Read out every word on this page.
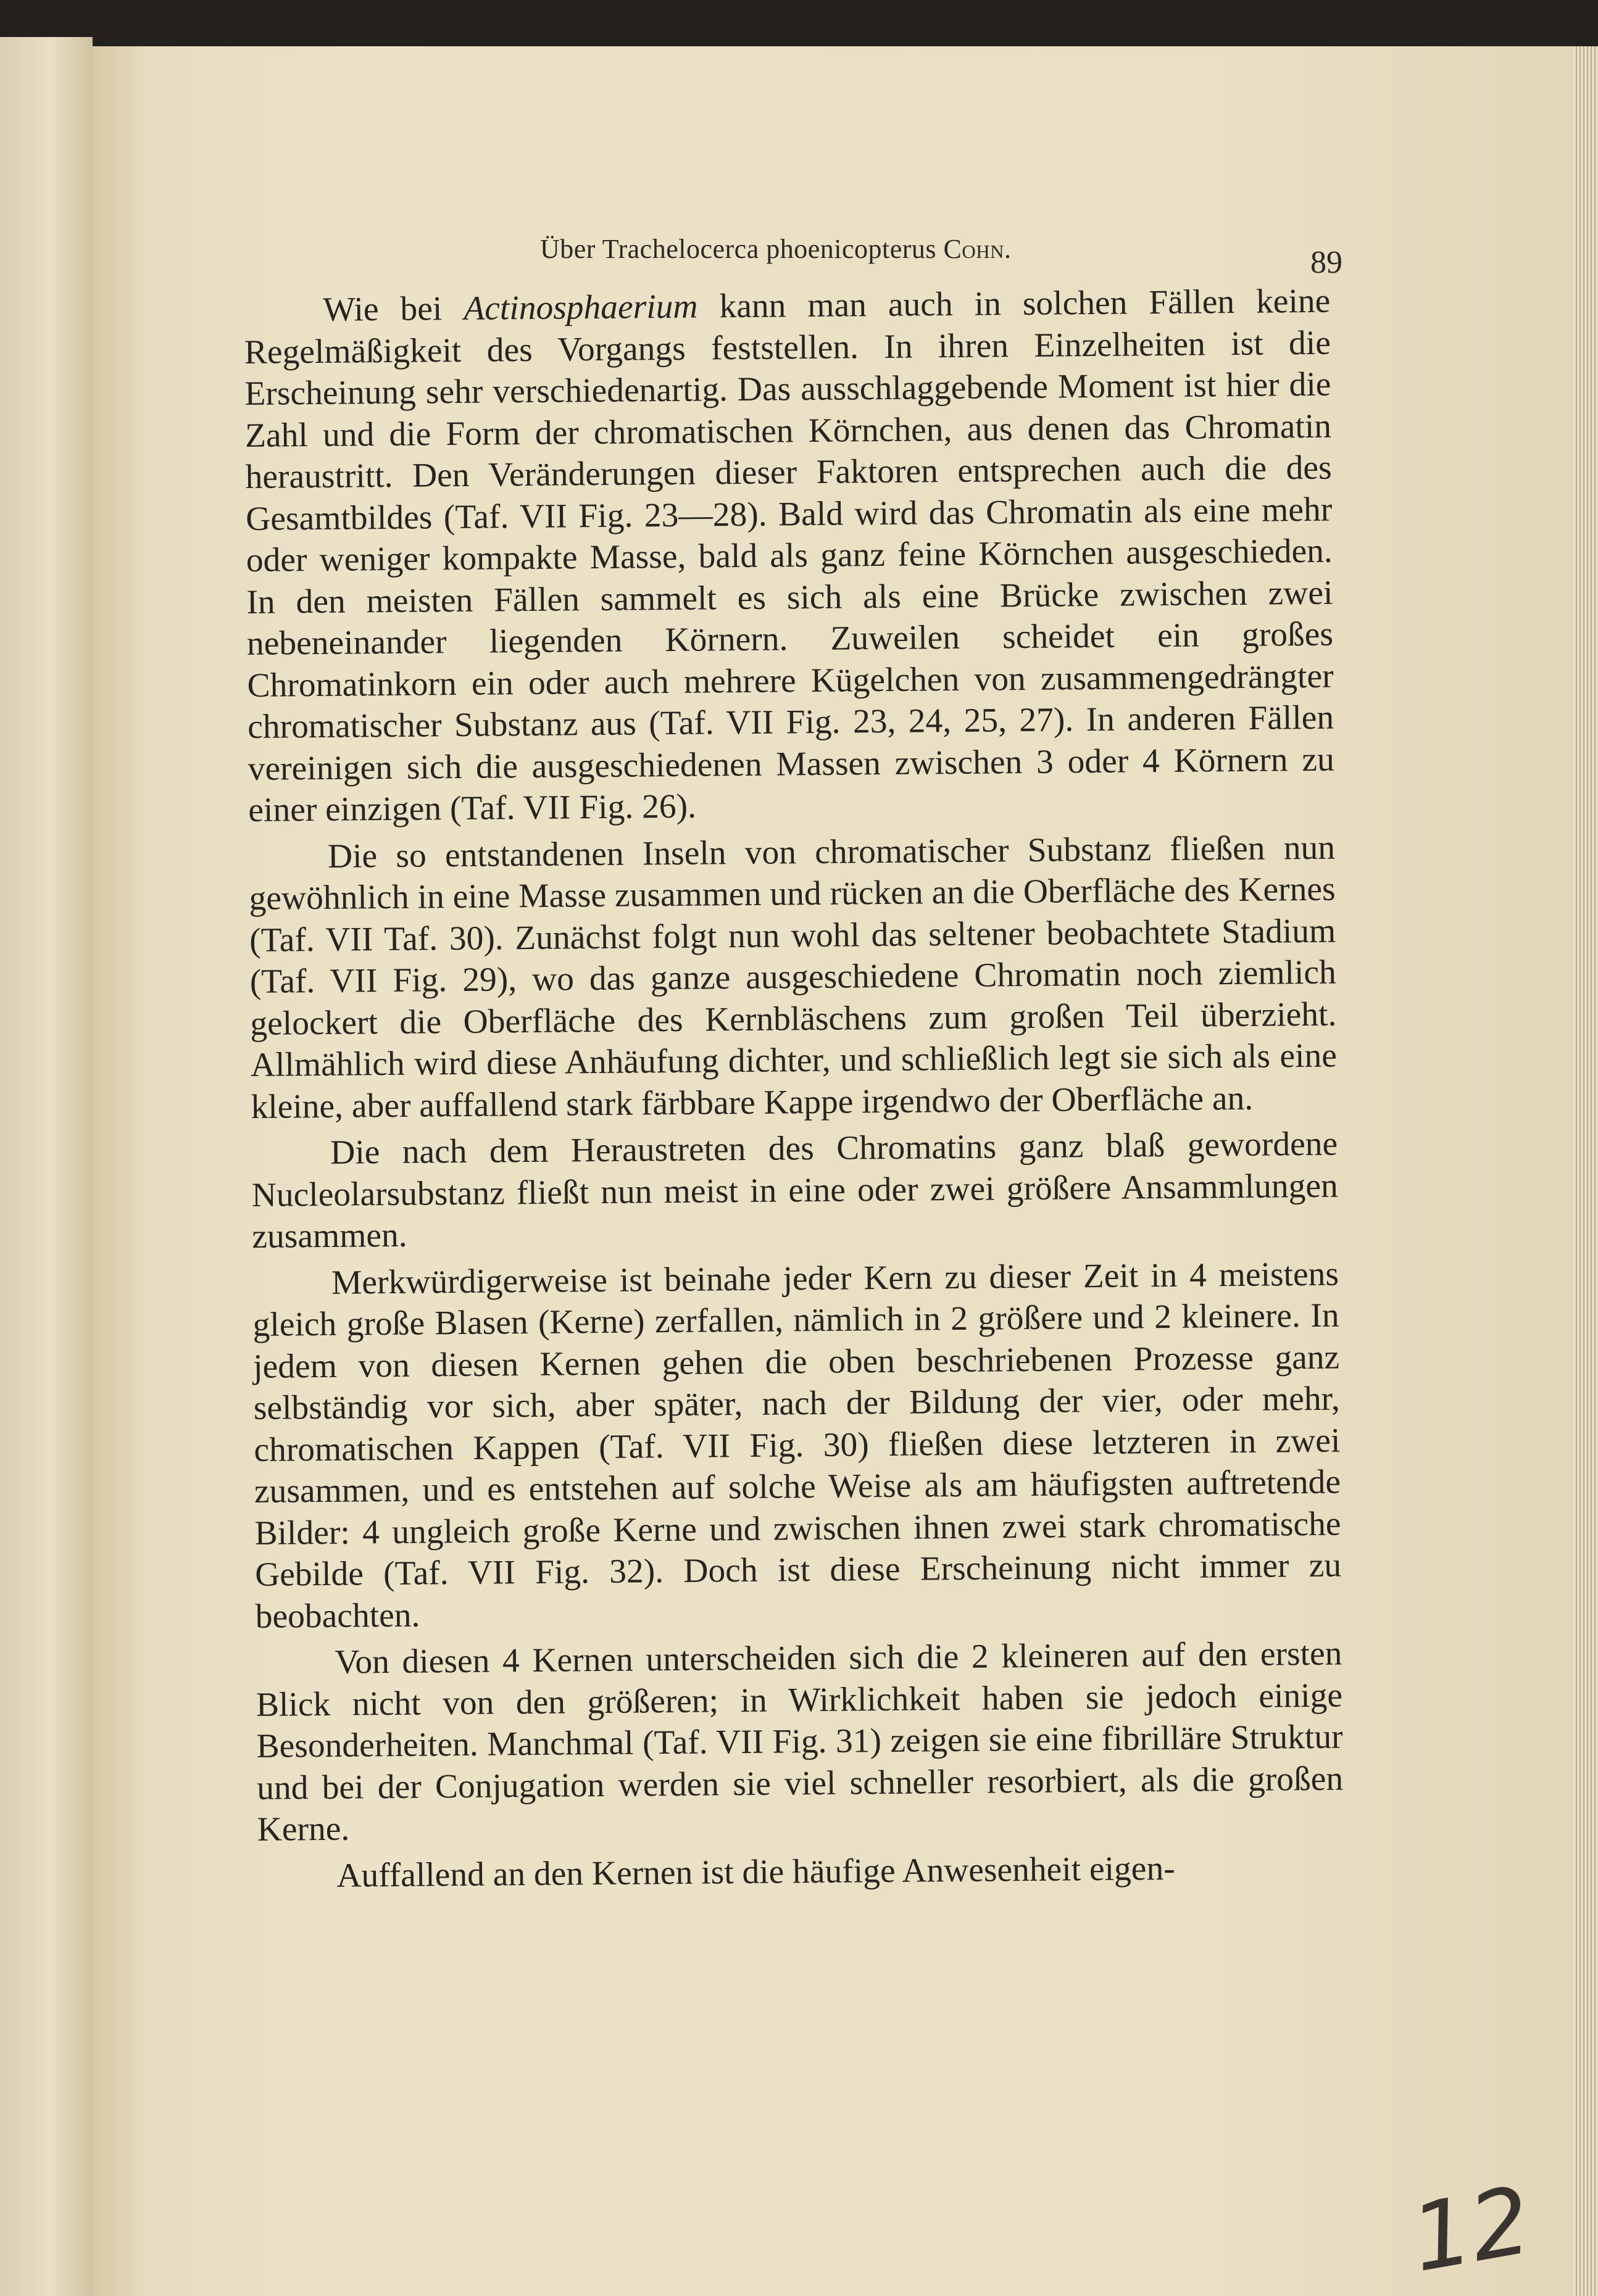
Über Trachelocerca phoenicopterus Cohn.	89

Wie bei Actinosphaerium kann man auch in solchen Fällen keine Regelmäßigkeit des Vorgangs feststellen. In ihren Einzelheiten ist die Erscheinung sehr verschiedenartig. Das ausschlaggebende Moment ist hier die Zahl und die Form der chromatischen Körnchen, aus denen das Chromatin heraustritt. Den Veränderungen dieser Faktoren entsprechen auch die des Gesamtbildes (Taf. VII Fig. 23—28). Bald wird das Chromatin als eine mehr oder weniger kompakte Masse, bald als ganz feine Körnchen ausgeschieden. In den meisten Fällen sammelt es sich als eine Brücke zwischen zwei nebeneinander liegenden Körnern. Zuweilen scheidet ein großes Chromatinkorn ein oder auch mehrere Kügelchen von zusammengedrängter chromatischer Substanz aus (Taf. VII Fig. 23, 24, 25, 27). In anderen Fällen vereinigen sich die ausgeschiedenen Massen zwischen 3 oder 4 Körnern zu einer einzigen (Taf. VII Fig. 26).

Die so entstandenen Inseln von chromatischer Substanz fließen nun gewöhnlich in eine Masse zusammen und rücken an die Oberfläche des Kernes (Taf. VII Taf. 30). Zunächst folgt nun wohl das seltener beobachtete Stadium (Taf. VII Fig. 29), wo das ganze ausgeschiedene Chromatin noch ziemlich gelockert die Oberfläche des Kernbläschens zum großen Teil überzieht. Allmählich wird diese Anhäufung dichter, und schließlich legt sie sich als eine kleine, aber auffallend stark färbbare Kappe irgendwo der Oberfläche an.

Die nach dem Heraustreten des Chromatins ganz blaß gewordene Nucleolarsubstanz fließt nun meist in eine oder zwei größere Ansammlungen zusammen.

Merkwürdigerweise ist beinahe jeder Kern zu dieser Zeit in 4 meistens gleich große Blasen (Kerne) zerfallen, nämlich in 2 größere und 2 kleinere. In jedem von diesen Kernen gehen die oben beschriebenen Prozesse ganz selbständig vor sich, aber später, nach der Bildung der vier, oder mehr, chromatischen Kappen (Taf. VII Fig. 30) fließen diese letzteren in zwei zusammen, und es entstehen auf solche Weise als am häufigsten auftretende Bilder: 4 ungleich große Kerne und zwischen ihnen zwei stark chromatische Gebilde (Taf. VII Fig. 32). Doch ist diese Erscheinung nicht immer zu beobachten.

Von diesen 4 Kernen unterscheiden sich die 2 kleineren auf den ersten Blick nicht von den größeren; in Wirklichkeit haben sie jedoch einige Besonderheiten. Manchmal (Taf. VII Fig. 31) zeigen sie eine fibrilläre Struktur und bei der Conjugation werden sie viel schneller resorbiert, als die großen Kerne.

Auffallend an den Kernen ist die häufige Anwesenheit eigen-

12
